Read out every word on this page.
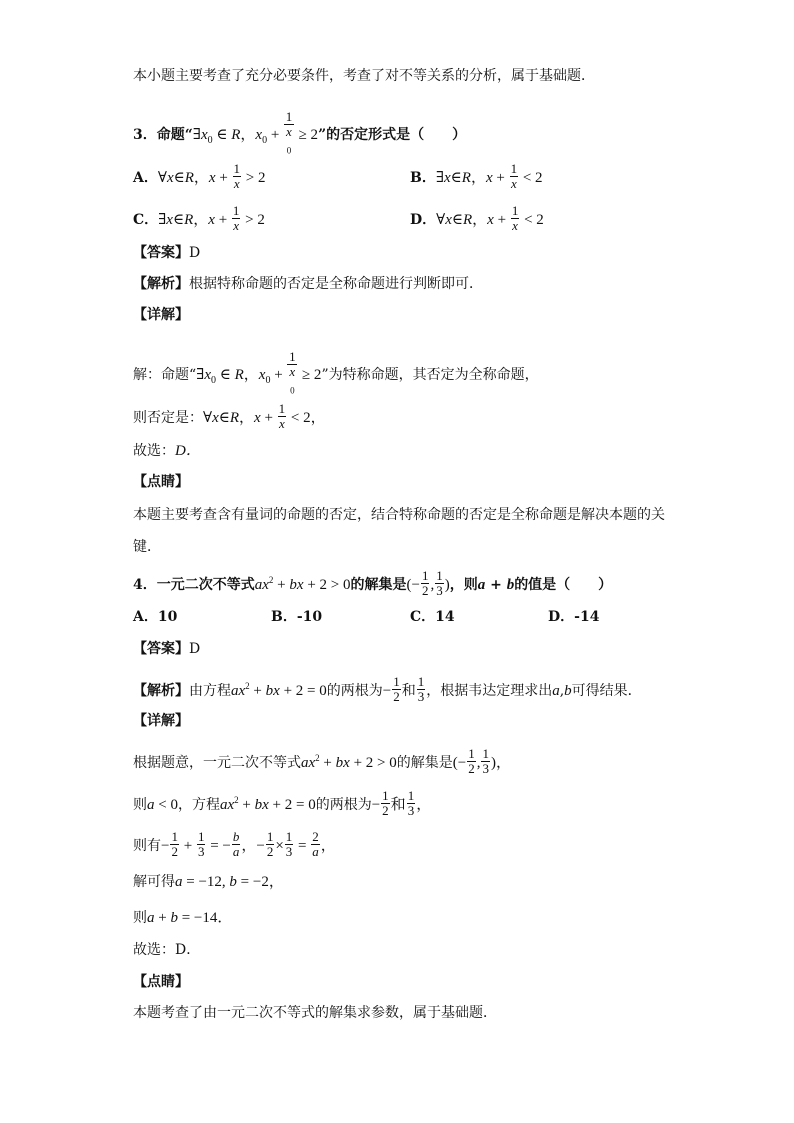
本小题主要考查了充分必要条件，考查了对不等关系的分析，属于基础题．
3．命题“$\exists x_0$ ∈ R，$x_0 + 1$
x
$_0$ ≥ 2”的否定形式是（　　）
A．∀x∈R，$x + \frac{1}{x} > 2$	B．∃x∈R，$x + \frac{1}{x} < 2$
C．∃x∈R，$x + \frac{1}{x} > 2$	D．∀x∈R，$x + \frac{1}{x} < 2$
【答案】D
【解析】根据特称命题的否定是全称命题进行判断即可．
【详解】
解：命题“$\exists x_0$ ∈ R，$x_0 + 1$
x
$_0$ ≥ 2”为特称命题，其否定为全称命题，
则否定是：∀x∈R，$x + \frac{1}{x} < 2$，
故选：D．
【点睛】
本题主要考查含有量词的命题的否定，结合特称命题的否定是全称命题是解决本题的关
键．
4．一元二次不等式$ax^2$ + bx + 2 > 0的解集是(− $\frac{1}{2}$ , $\frac{1}{3}$ )，则a + b的值是（　　）
A．10	B．-10	C．14	D．-14
【答案】D
【解析】由方程$ax^2$ + bx + 2 = 0的两根为− $\frac{1}{2}$ 和 $\frac{1}{3}$ ，根据韦达定理求出a,b可得结果．
【详解】
根据题意，一元二次不等式$ax^2$ + bx + 2 > 0的解集是(− $\frac{1}{2}$ , $\frac{1}{3}$ )，
则a < 0，方程$ax^2$ + bx + 2 = 0的两根为− $\frac{1}{2}$ 和 $\frac{1}{3}$ ，
则有− $\frac{1}{2} + \frac{1}{3}$ = − $\frac{b}{a}$ ，− $\frac{1}{2} \times \frac{1}{3} = \frac{2}{a}$ ，
解可得a = −12, b = −2，
则a + b = −14．
故选：D．
【点睛】
本题考查了由一元二次不等式的解集求参数，属于基础题．
